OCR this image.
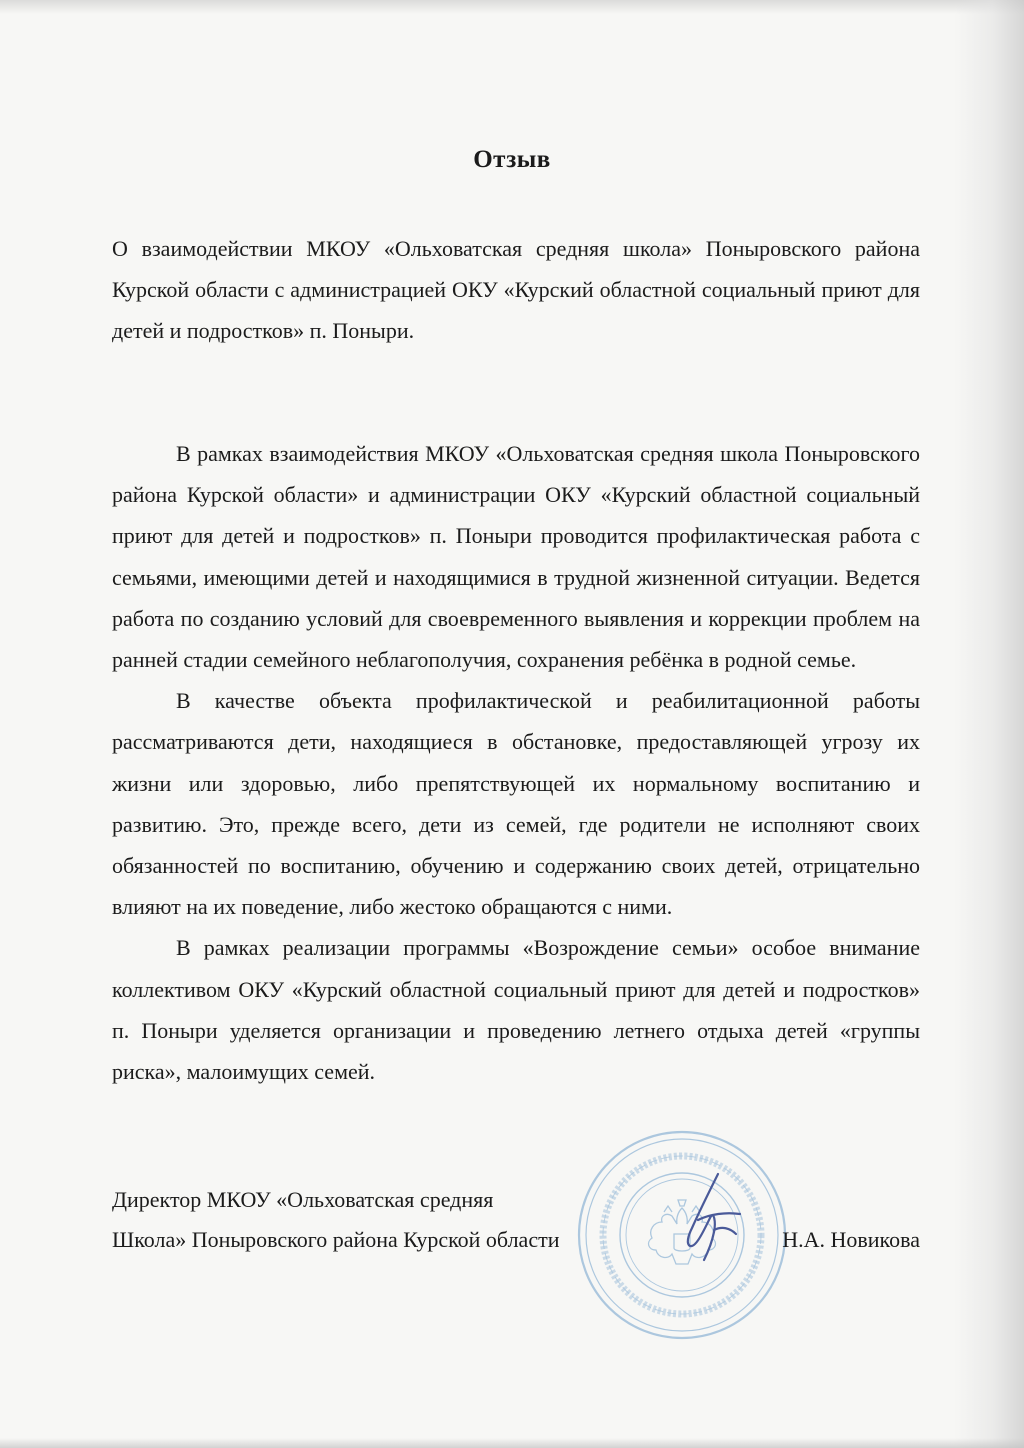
Отзыв

О взаимодействии МКОУ «Ольховатская средняя школа» Поныровского района Курской области с администрацией ОКУ «Курский областной социальный приют для детей и подростков» п. Поныри.

В рамках взаимодействия МКОУ «Ольховатская средняя школа Поныровского района Курской области» и администрации ОКУ «Курский областной социальный приют для детей и подростков» п. Поныри проводится профилактическая работа с семьями, имеющими детей и находящимися в трудной жизненной ситуации. Ведется работа по созданию условий для своевременного выявления и коррекции проблем на ранней стадии семейного неблагополучия, сохранения ребёнка в родной семье.

В качестве объекта профилактической и реабилитационной работы рассматриваются дети, находящиеся в обстановке, предоставляющей угрозу их жизни или здоровью, либо препятствующей их нормальному воспитанию и развитию. Это, прежде всего, дети из семей, где родители не исполняют своих обязанностей по воспитанию, обучению и содержанию своих детей, отрицательно влияют на их поведение, либо жестоко обращаются с ними.

В рамках реализации программы «Возрождение семьи» особое внимание коллективом ОКУ «Курский областной социальный приют для детей и подростков» п. Поныри уделяется организации и проведению летнего отдыха детей «группы риска», малоимущих семей.

Директор МКОУ «Ольховатская средняя
Школа» Поныровского района Курской области	Н.А. Новикова
